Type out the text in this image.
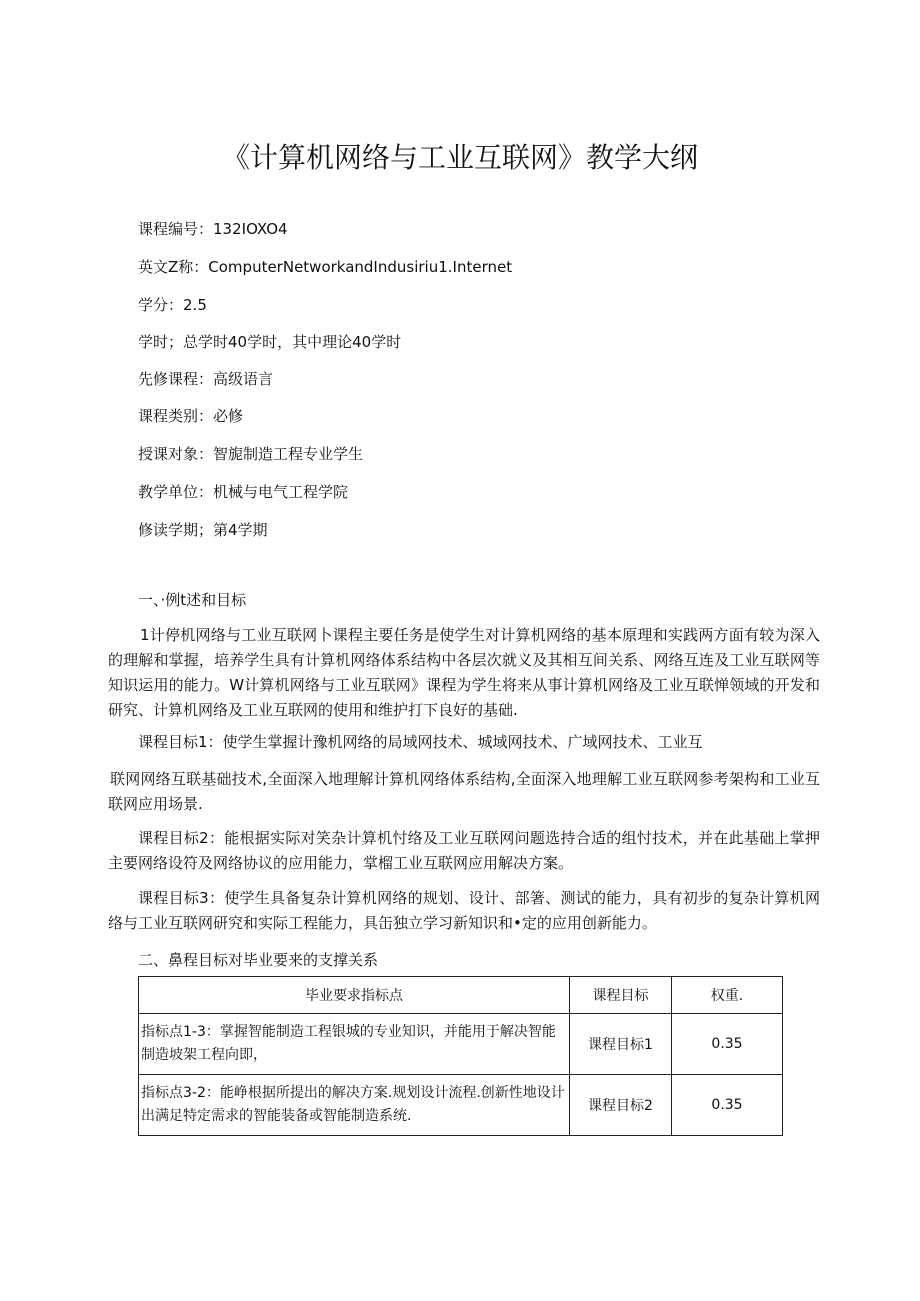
《计算机网络与工业互联网》教学大纲
课程编号：132IOXO4
英文Z称：ComputerNetworkandIndusiriu1.Internet
学分：2.5
学时；总学时40学时，其中理论40学时
先修课程：高级语言
课程类别：必修
授课对象：智旎制造工程专业学生
教学单位：机械与电气工程学院
修读学期；第4学期
一、·例t述和目标

1计停机网络与工业互联网卜课程主要任务是使学生对计算机网络的基本原理和实践两方面有较为深入的理解和掌握，培养学生具有计算机网络体系结构中各层次就义及其相互间关系、网络互连及工业互联网等知识运用的能力。W计算机网络与工业互联网》课程为学生将来从事计算机网络及工业互联惮领域的开发和研究、计算机网络及工业互联网的使用和维护打下良好的基础.

课程目标1：使学生掌握计豫机网络的局域网技术、城域网技术、广域网技术、工业互

联网网络互联基础技术,全面深入地理解计算机网络体系结构,全面深入地理解工业互联网参考架构和工业互联网应用场景.

课程目标2：能根据实际对笑杂计算机忖络及工业互联网问题选持合适的组忖技术，并在此基础上掌押主要网络设符及网络协议的应用能力，掌榴工业互联网应用解决方案。

课程目标3：使学生具备复杂计算机网络的规划、设计、部箸、测试的能力，具有初步的复杂计算机网络与工业互联网研究和实际工程能力，具缶独立学习新知识和•定的应用创新能力。

二、鼻程目标对毕业要来的支撑关系
毕业要求指标点	课程目标	权重.
指标点1-3：掌握智能制造工程银城的专业知识，并能用于解决智能制造坡架工程向即，	课程目标1	0.35
指标点3-2：能峥根据所提出的解决方案.规划设计流程.创新性地设计出满足特定需求的智能装备或智能制造系统.	课程目标2	0.35
